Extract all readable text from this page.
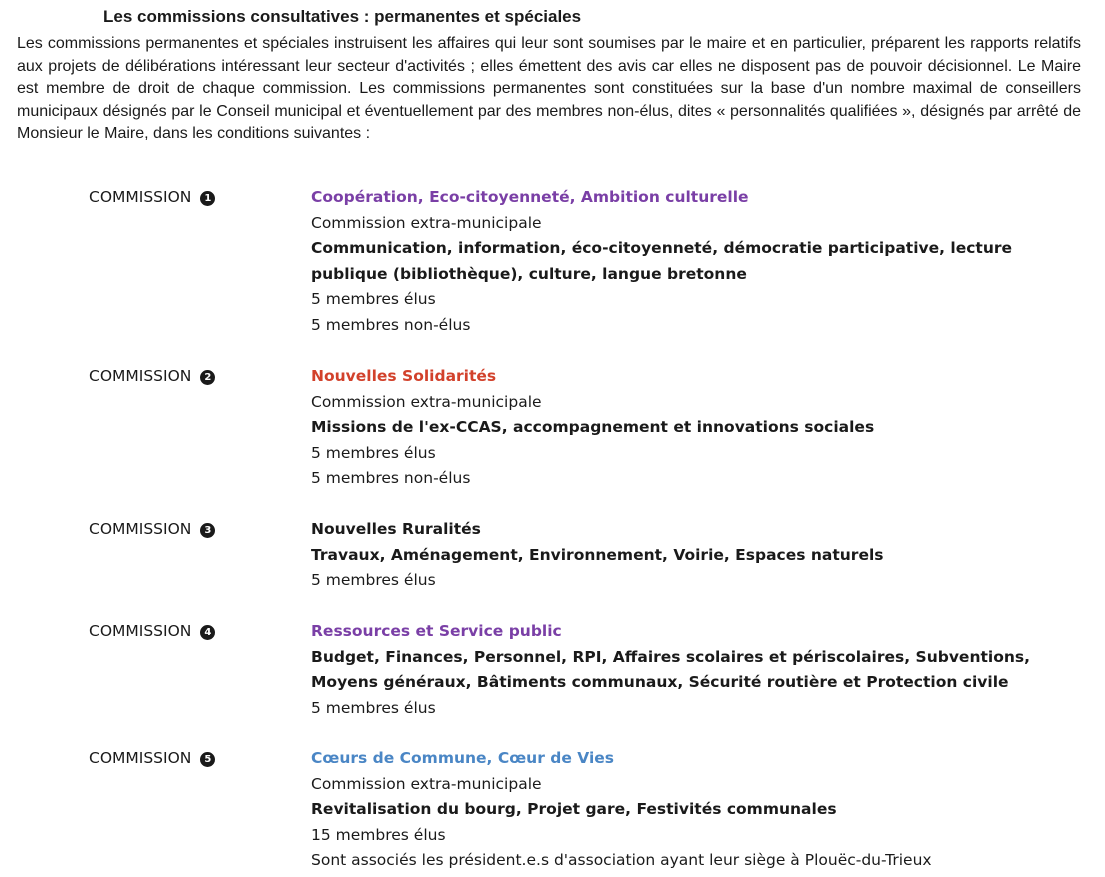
Les commissions consultatives : permanentes et spéciales

Les commissions permanentes et spéciales instruisent les affaires qui leur sont soumises par le maire et en particulier, préparent les rapports relatifs aux projets de délibérations intéressant leur secteur d'activités ; elles émettent des avis car elles ne disposent pas de pouvoir décisionnel. Le Maire est membre de droit de chaque commission. Les commissions permanentes sont constituées sur la base d'un nombre maximal de conseillers municipaux désignés par le Conseil municipal et éventuellement par des membres non-élus, dites « personnalités qualifiées », désignés par arrêté de Monsieur le Maire, dans les conditions suivantes :

COMMISSION 1	Coopération, Eco-citoyenneté, Ambition culturelle
Commission extra-municipale
Communication, information, éco-citoyenneté, démocratie participative, lecture publique (bibliothèque), culture, langue bretonne
5 membres élus
5 membres non-élus
COMMISSION 2	Nouvelles Solidarités
Commission extra-municipale
Missions de l'ex-CCAS, accompagnement et innovations sociales
5 membres élus
5 membres non-élus
COMMISSION 3	Nouvelles Ruralités
Travaux, Aménagement, Environnement, Voirie, Espaces naturels
5 membres élus
COMMISSION 4	Ressources et Service public
Budget, Finances, Personnel, RPI, Affaires scolaires et périscolaires, Subventions, Moyens généraux, Bâtiments communaux, Sécurité routière et Protection civile
5 membres élus
COMMISSION 5	Cœurs de Commune, Cœur de Vies
Commission extra-municipale
Revitalisation du bourg, Projet gare, Festivités communales
15 membres élus
Sont associés les président.e.s d'association ayant leur siège à Plouëc-du-Trieux
